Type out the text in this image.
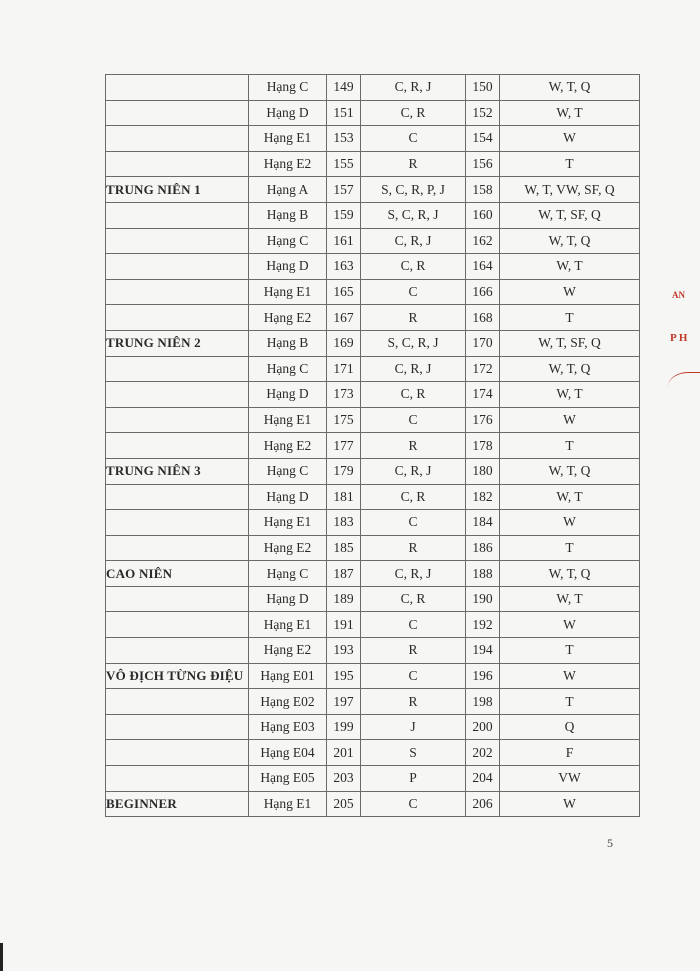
	Hạng C	149	C, R, J	150	W, T, Q
	Hạng D	151	C, R	152	W, T
	Hạng E1	153	C	154	W
	Hạng E2	155	R	156	T
TRUNG NIÊN 1	Hạng A	157	S, C, R, P, J	158	W, T, VW, SF, Q
	Hạng B	159	S, C, R, J	160	W, T, SF, Q
	Hạng C	161	C, R, J	162	W, T, Q
	Hạng D	163	C, R	164	W, T
	Hạng E1	165	C	166	W
	Hạng E2	167	R	168	T
TRUNG NIÊN 2	Hạng B	169	S, C, R, J	170	W, T, SF, Q
	Hạng C	171	C, R, J	172	W, T, Q
	Hạng D	173	C, R	174	W, T
	Hạng E1	175	C	176	W
	Hạng E2	177	R	178	T
TRUNG NIÊN 3	Hạng C	179	C, R, J	180	W, T, Q
	Hạng D	181	C, R	182	W, T
	Hạng E1	183	C	184	W
	Hạng E2	185	R	186	T
CAO NIÊN	Hạng C	187	C, R, J	188	W, T, Q
	Hạng D	189	C, R	190	W, T
	Hạng E1	191	C	192	W
	Hạng E2	193	R	194	T
VÔ ĐỊCH TỪNG ĐIỆU	Hạng E01	195	C	196	W
	Hạng E02	197	R	198	T
	Hạng E03	199	J	200	Q
	Hạng E04	201	S	202	F
	Hạng E05	203	P	204	VW
BEGINNER	Hạng E1	205	C	206	W
5
AN
P H
